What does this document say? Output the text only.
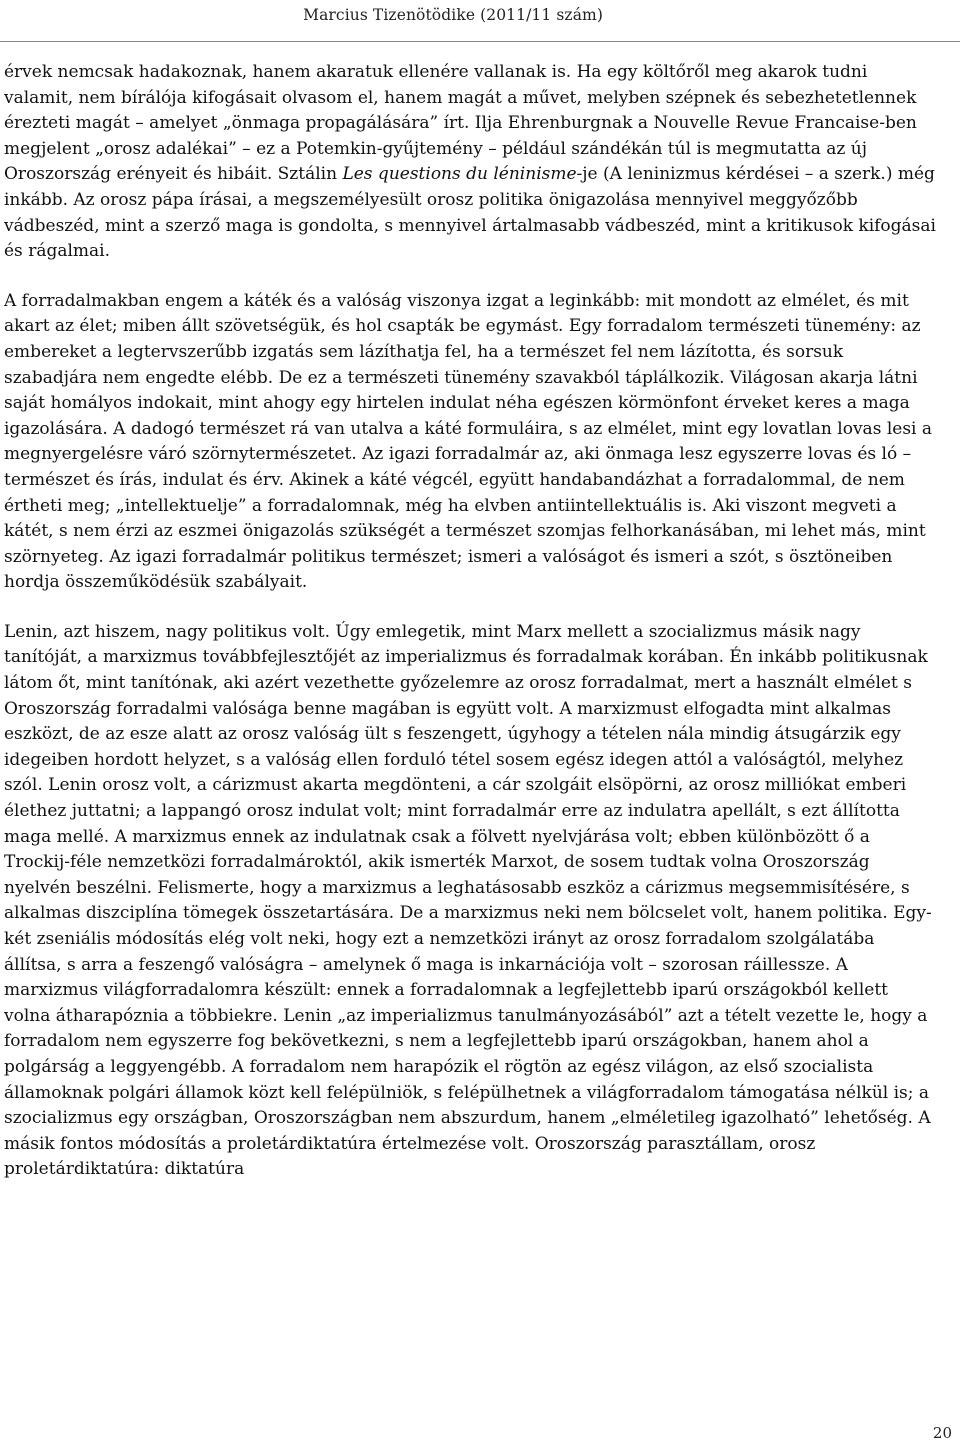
Marcius Tizenötödike (2011/11 szám)

érvek nemcsak hadakoznak, hanem akaratuk ellenére vallanak is. Ha egy költőről meg akarok tudni valamit, nem bírálója kifogásait olvasom el, hanem magát a művet, melyben szépnek és sebezhetetlennek érezteti magát – amelyet „önmaga propagálására” írt. Ilja Ehrenburgnak a Nouvelle Revue Francaise-ben megjelent „orosz adalékai” – ez a Potemkin-gyűjtemény – például szándékán túl is megmutatta az új Oroszország erényeit és hibáit. Sztálin Les questions du léninisme-je (A leninizmus kérdései – a szerk.) még inkább. Az orosz pápa írásai, a megszemélyesült orosz politika önigazolása mennyivel meggyőzőbb vádbeszéd, mint a szerző maga is gondolta, s mennyivel ártalmasabb vádbeszéd, mint a kritikusok kifogásai és rágalmai.

A forradalmakban engem a káték és a valóság viszonya izgat a leginkább: mit mondott az elmélet, és mit akart az élet; miben állt szövetségük, és hol csapták be egymást. Egy forradalom természeti tünemény: az embereket a legtervszerűbb izgatás sem lázíthatja fel, ha a természet fel nem lázította, és sorsuk szabadjára nem engedte elébb. De ez a természeti tünemény szavakból táplálkozik. Világosan akarja látni saját homályos indokait, mint ahogy egy hirtelen indulat néha egészen körmönfont érveket keres a maga igazolására. A dadogó természet rá van utalva a káté formuláira, s az elmélet, mint egy lovatlan lovas lesi a megnyergelésre váró szörnytermészetet. Az igazi forradalmár az, aki önmaga lesz egyszerre lovas és ló – természet és írás, indulat és érv. Akinek a káté végcél, együtt handabandázhat a forradalommal, de nem értheti meg; „intellektuelje” a forradalomnak, még ha elvben antiintellektuális is. Aki viszont megveti a kátét, s nem érzi az eszmei önigazolás szükségét a természet szomjas felhorkanásában, mi lehet más, mint szörnyeteg. Az igazi forradalmár politikus természet; ismeri a valóságot és ismeri a szót, s ösztöneiben hordja összeműködésük szabályait.

Lenin, azt hiszem, nagy politikus volt. Úgy emlegetik, mint Marx mellett a szocializmus másik nagy tanítóját, a marxizmus továbbfejlesztőjét az imperializmus és forradalmak korában. Én inkább politikusnak látom őt, mint tanítónak, aki azért vezethette győzelemre az orosz forradalmat, mert a használt elmélet s Oroszország forradalmi valósága benne magában is együtt volt. A marxizmust elfogadta mint alkalmas eszközt, de az esze alatt az orosz valóság ült s feszengett, úgyhogy a tételen nála mindig átsugárzik egy idegeiben hordott helyzet, s a valóság ellen forduló tétel sosem egész idegen attól a valóságtól, melyhez szól. Lenin orosz volt, a cárizmust akarta megdönteni, a cár szolgáit elsöpörni, az orosz milliókat emberi élethez juttatni; a lappangó orosz indulat volt; mint forradalmár erre az indulatra apellált, s ezt állította maga mellé. A marxizmus ennek az indulatnak csak a fölvett nyelvjárása volt; ebben különbözött ő a Trockij-féle nemzetközi forradalmároktól, akik ismerték Marxot, de sosem tudtak volna Oroszország nyelvén beszélni. Felismerte, hogy a marxizmus a leghatásosabb eszköz a cárizmus megsemmisítésére, s alkalmas diszciplína tömegek összetartására. De a marxizmus neki nem bölcselet volt, hanem politika. Egy-két zseniális módosítás elég volt neki, hogy ezt a nemzetközi irányt az orosz forradalom szolgálatába állítsa, s arra a feszengő valóságra – amelynek ő maga is inkarnációja volt – szorosan ráillessze. A marxizmus világforradalomra készült: ennek a forradalomnak a legfejlettebb iparú országokból kellett volna átharapóznia a többiekre. Lenin „az imperializmus tanulmányozásából” azt a tételt vezette le, hogy a forradalom nem egyszerre fog bekövetkezni, s nem a legfejlettebb iparú országokban, hanem ahol a polgárság a leggyengébb. A forradalom nem harapózik el rögtön az egész világon, az első szocialista államoknak polgári államok közt kell felépülniök, s felépülhetnek a világforradalom támogatása nélkül is; a szocializmus egy országban, Oroszországban nem abszurdum, hanem „elméletileg igazolható” lehetőség. A másik fontos módosítás a proletárdiktatúra értelmezése volt. Oroszország parasztállam, orosz proletárdiktatúra: diktatúra

20
